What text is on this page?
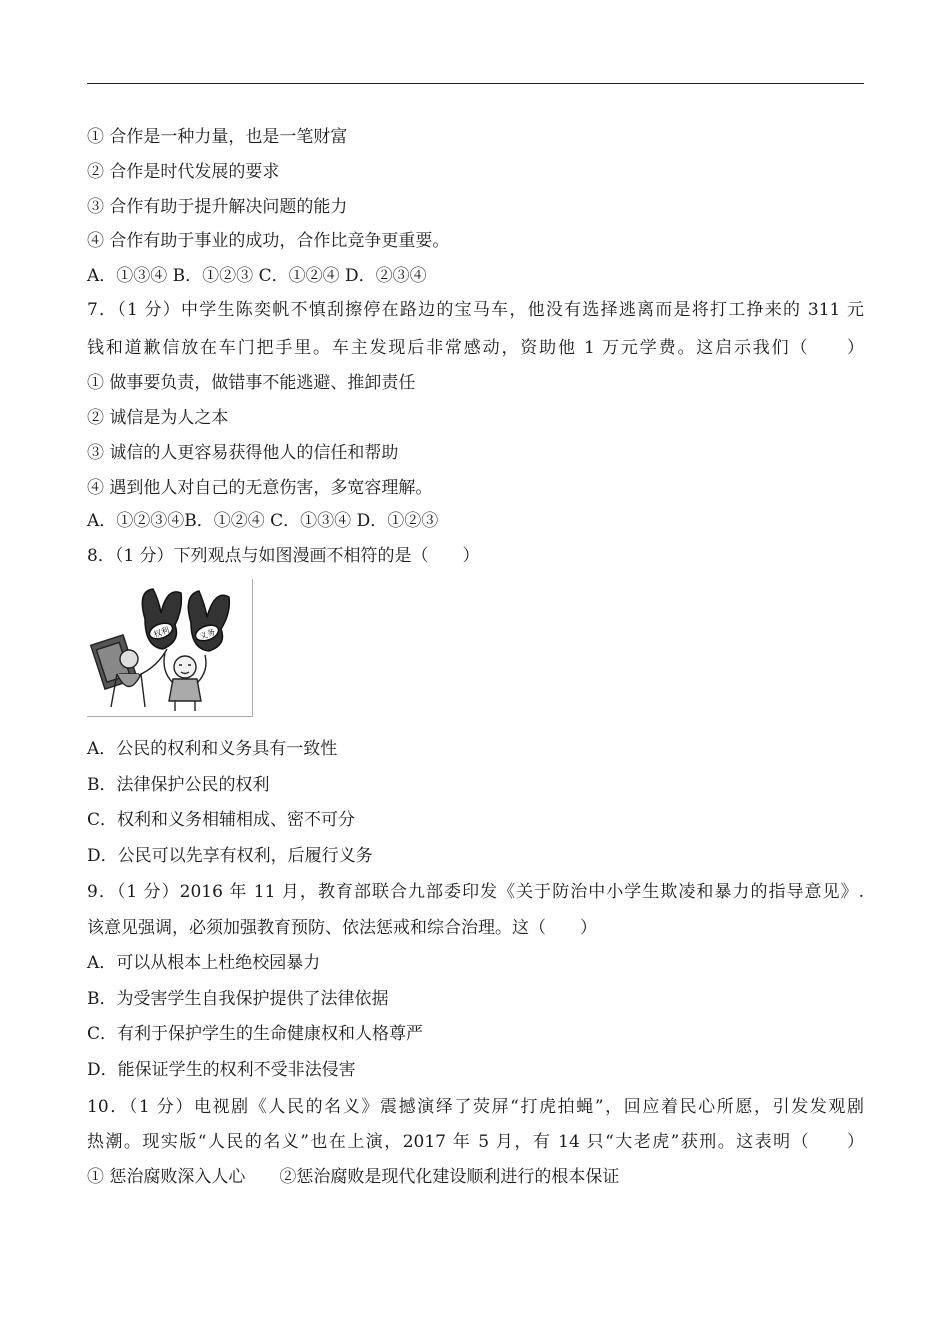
① 合作是一种力量，也是一笔财富
② 合作是时代发展的要求
③ 合作有助于提升解决问题的能力
④ 合作有助于事业的成功，合作比竞争更重要。
A．①③④ B．①②③ C．①②④ D．②③④
7．（1 分）中学生陈奕帆不慎刮擦停在路边的宝马车，他没有选择逃离而是将打工挣来的 311 元
钱和道歉信放在车门把手里。车主发现后非常感动，资助他 1 万元学费。这启示我们（　　）
① 做事要负责，做错事不能逃避、推卸责任
② 诚信是为人之本
③ 诚信的人更容易获得他人的信任和帮助
④ 遇到他人对自己的无意伤害，多宽容理解。
A．①②③④B．①②④ C．①③④ D．①②③
8．（1 分）下列观点与如图漫画不相符的是（　　）
权利	义务
A．公民的权利和义务具有一致性
B．法律保护公民的权利
C．权利和义务相辅相成、密不可分
D．公民可以先享有权利，后履行义务
9．（1 分）2016 年 11 月，教育部联合九部委印发《关于防治中小学生欺凌和暴力的指导意见》.
该意见强调，必须加强教育预防、依法惩戒和综合治理。这（　　）
A．可以从根本上杜绝校园暴力
B．为受害学生自我保护提供了法律依据
C．有利于保护学生的生命健康权和人格尊严
D．能保证学生的权利不受非法侵害
10．（1 分）电视剧《人民的名义》震撼演绎了荧屏“打虎拍蝇”，回应着民心所愿，引发发观剧
热潮。现实版“人民的名义”也在上演，2017 年 5 月，有 14 只“大老虎”获刑。这表明（　　）
① 惩治腐败深入人心　　②惩治腐败是现代化建设顺利进行的根本保证
